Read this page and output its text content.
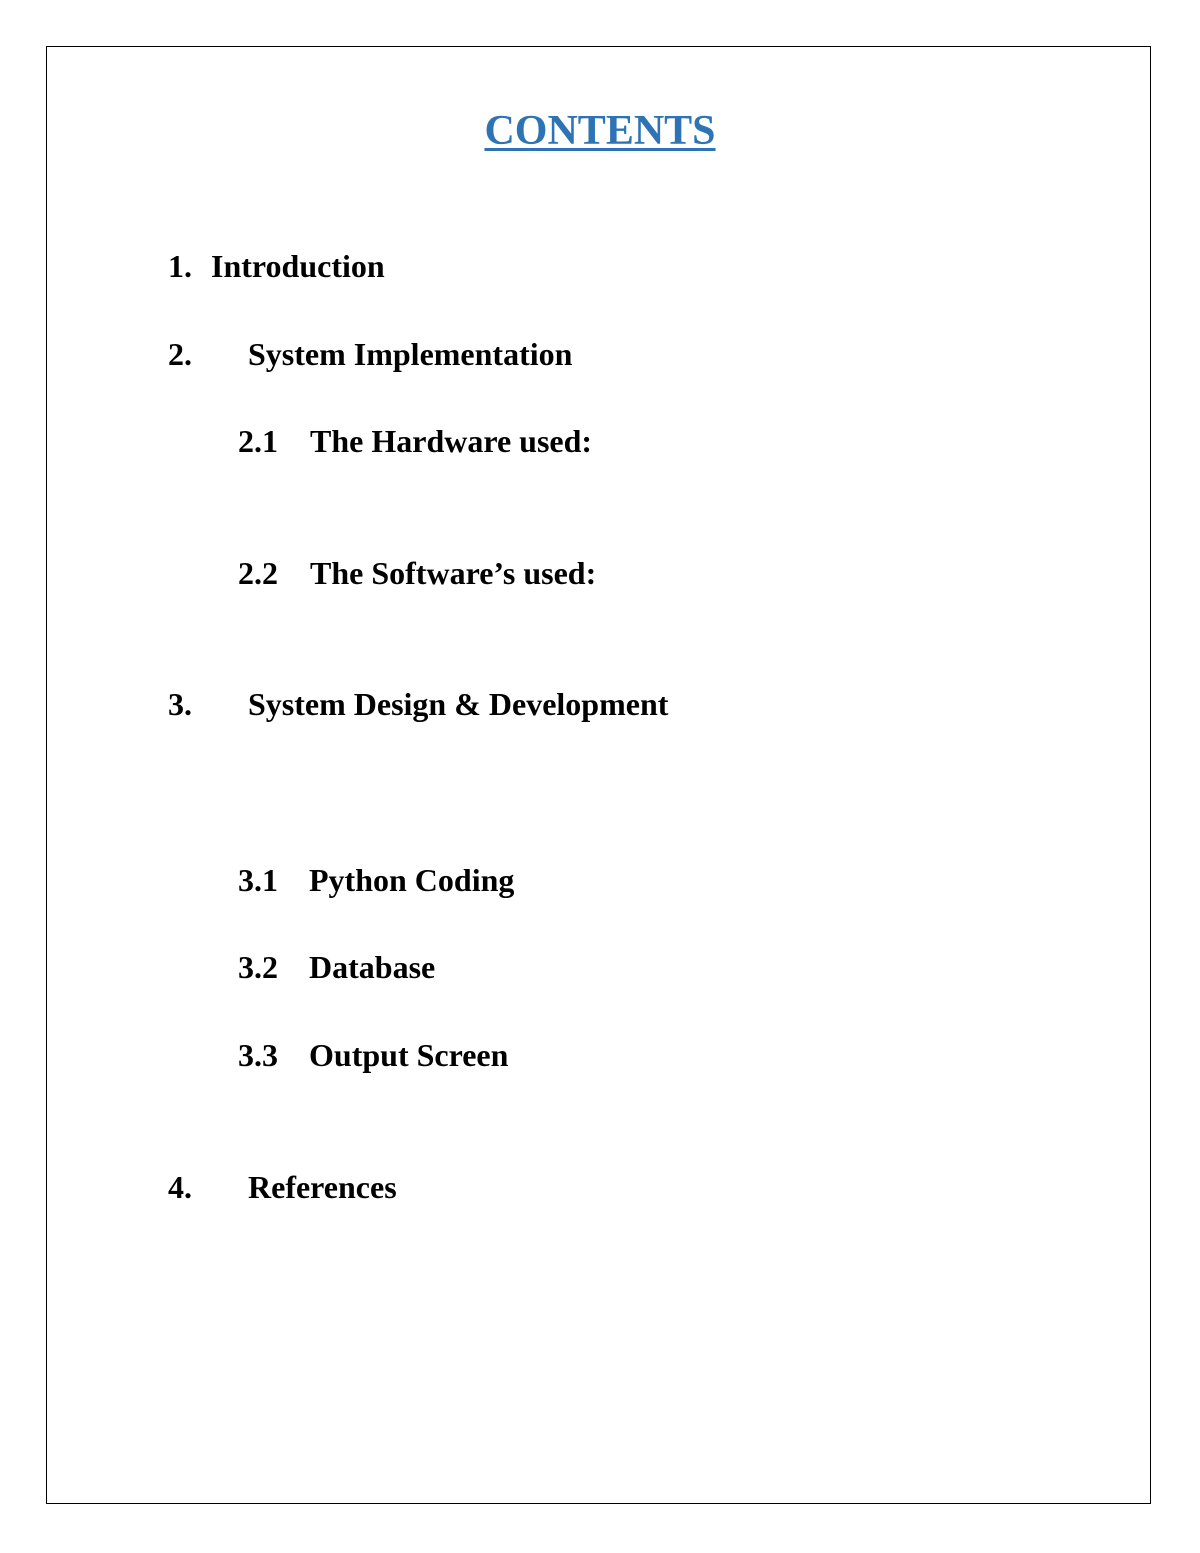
CONTENTS
1. Introduction
2. System Implementation
2.1 The Hardware used:
2.2 The Software’s used:
3. System Design & Development
3.1 Python Coding
3.2 Database
3.3 Output Screen
4. References
